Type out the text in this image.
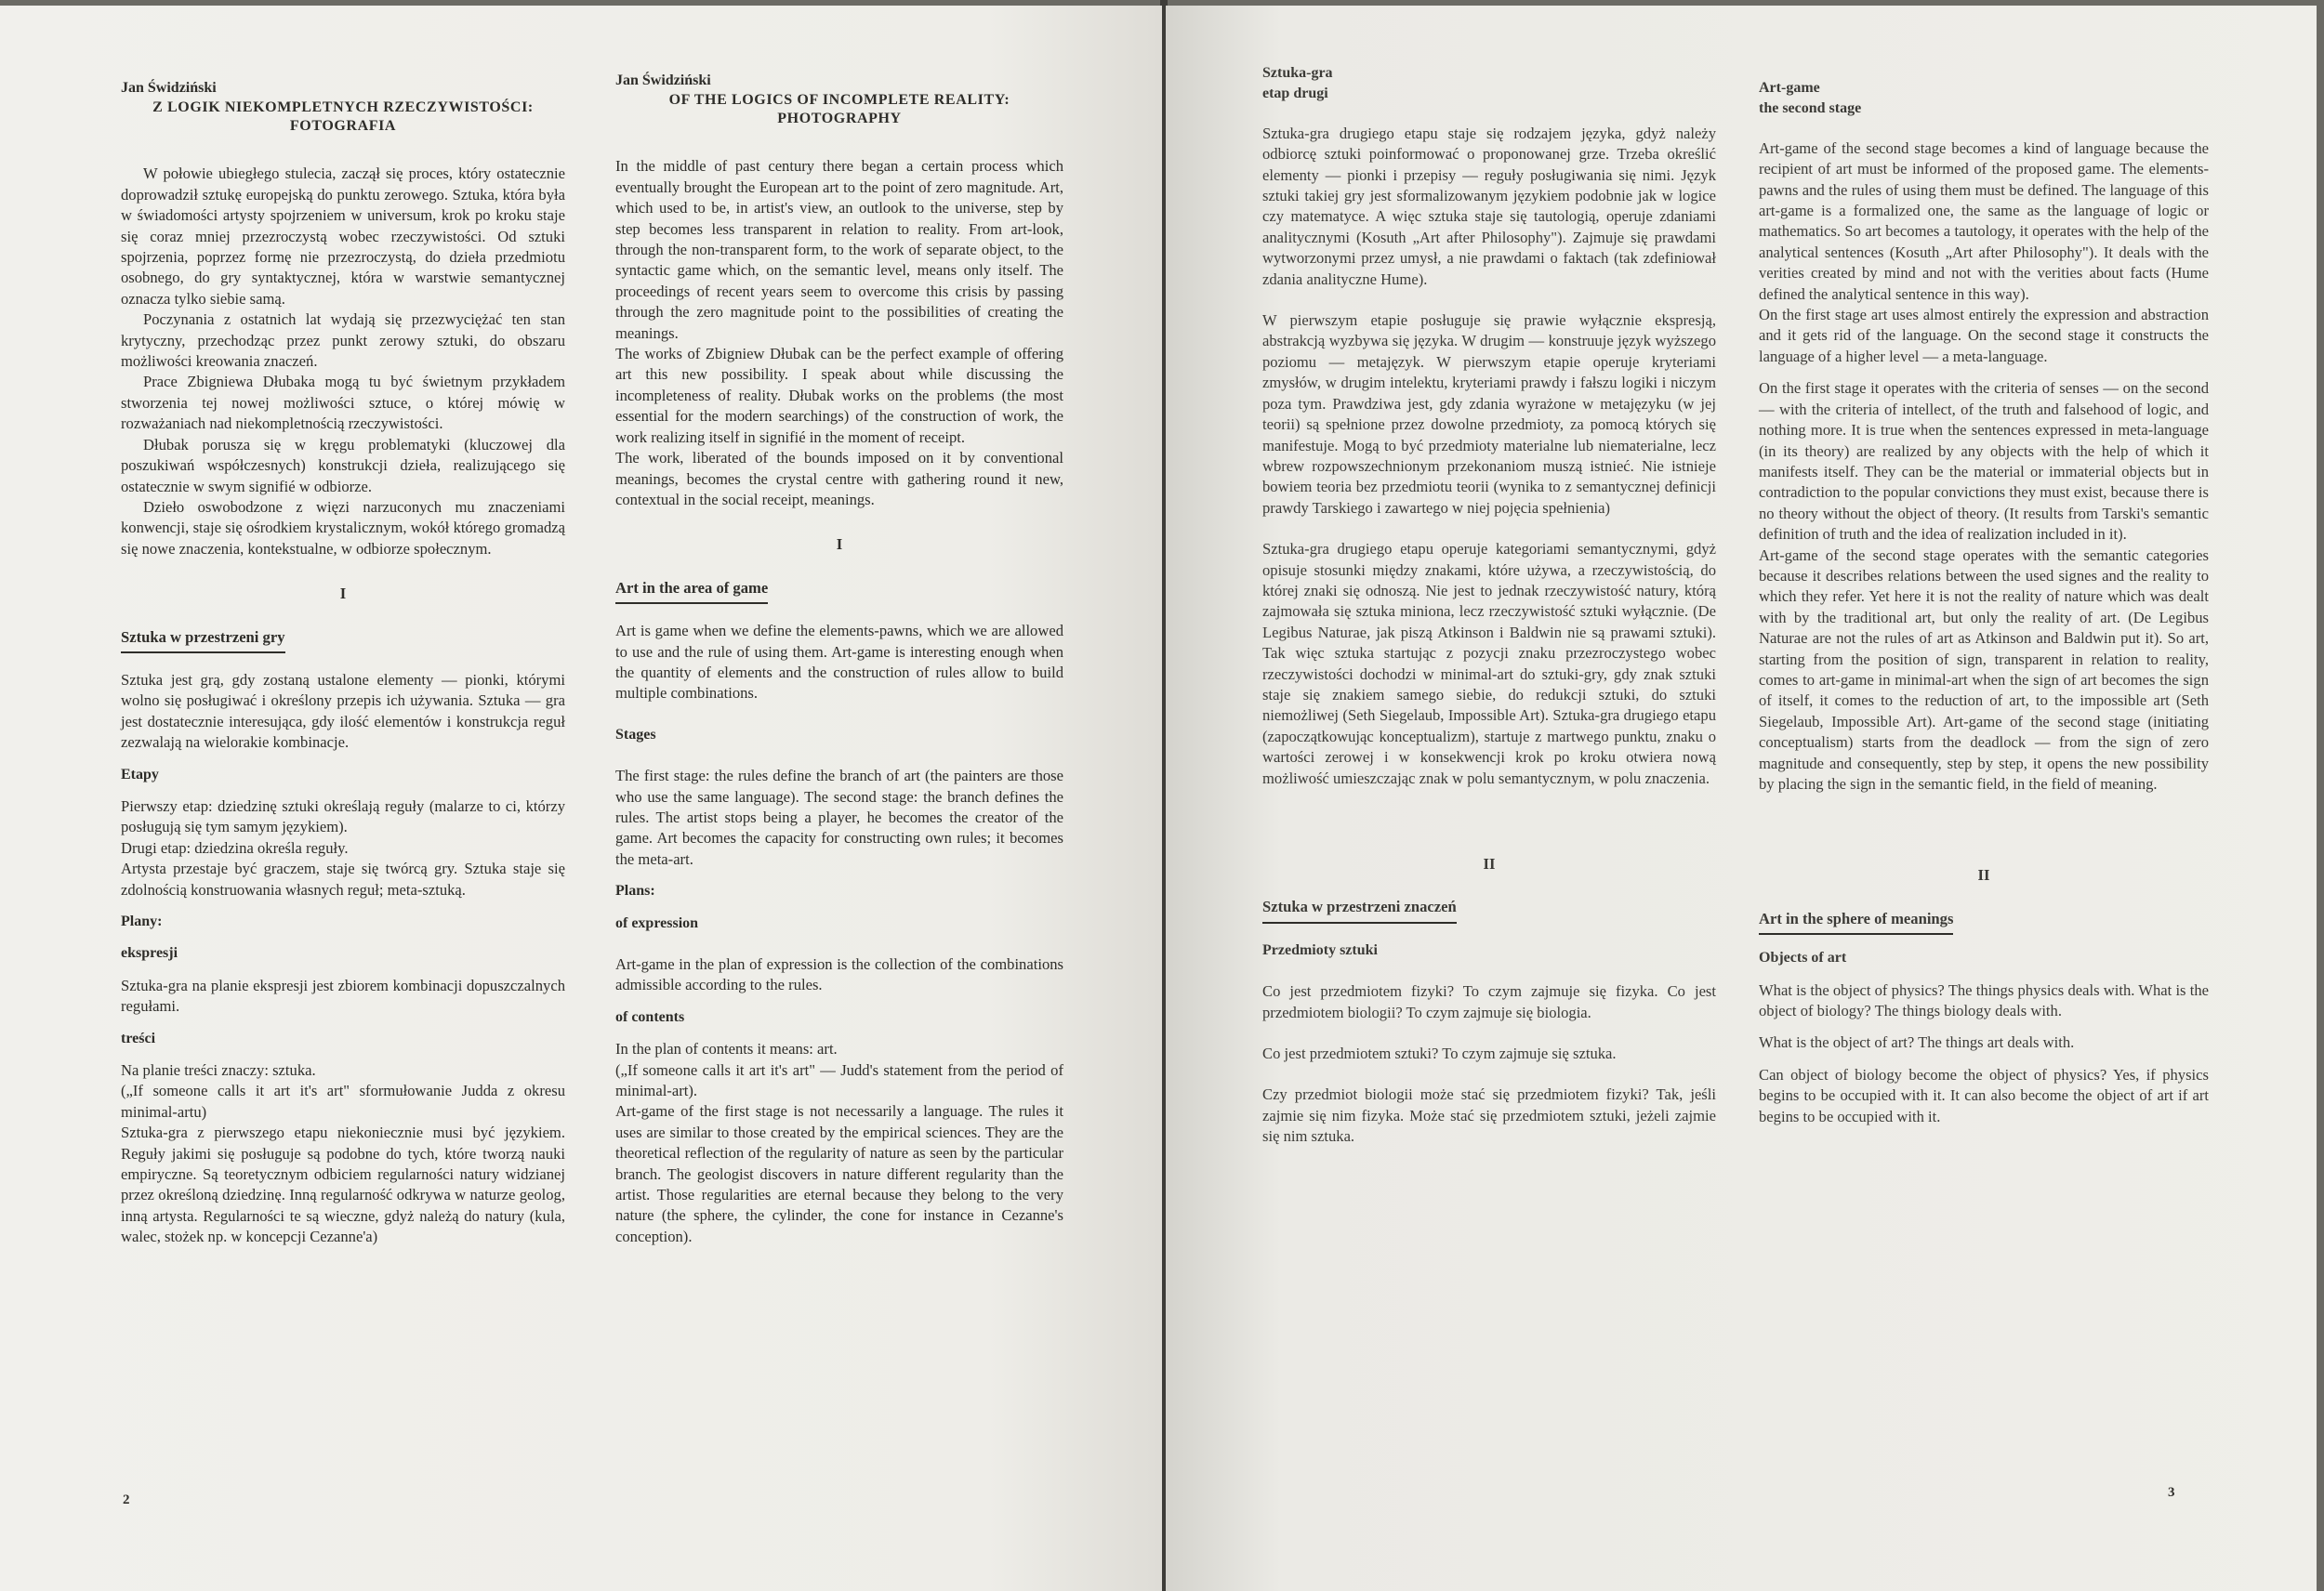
Jan Świdziński

Z LOGIK NIEKOMPLETNYCH RZECZYWISTOŚCI:
FOTOGRAFIA

W połowie ubiegłego stulecia, zaczął się proces, który ostatecznie doprowadził sztukę europejską do punktu zerowego. Sztuka, która była w świadomości artysty spojrzeniem w universum, krok po kroku staje się coraz mniej przezroczystą wobec rzeczywistości. Od sztuki spojrzenia, poprzez formę nie przezroczystą, do dzieła przedmiotu osobnego, do gry syntaktycznej, która w warstwie semantycznej oznacza tylko siebie samą.

Poczynania z ostatnich lat wydają się przezwyciężać ten stan krytyczny, przechodząc przez punkt zerowy sztuki, do obszaru możliwości kreowania znaczeń.

Prace Zbigniewa Dłubaka mogą tu być świetnym przykładem stworzenia tej nowej możliwości sztuce, o której mówię w rozważaniach nad niekompletnością rzeczywistości.

Dłubak porusza się w kręgu problematyki (kluczowej dla poszukiwań współczesnych) konstrukcji dzieła, realizującego się ostatecznie w swym signifié w odbiorze.

Dzieło oswobodzone z więzi narzuconych mu znaczeniami konwencji, staje się ośrodkiem krystalicznym, wokół którego gromadzą się nowe znaczenia, kontekstualne, w odbiorze społecznym.

I
Sztuka w przestrzeni gry

Sztuka jest grą, gdy zostaną ustalone elementy — pionki, którymi wolno się posługiwać i określony przepis ich używania. Sztuka — gra jest dostatecznie interesująca, gdy ilość elementów i konstrukcja reguł zezwalają na wielorakie kombinacje.

Etapy

Pierwszy etap: dziedzinę sztuki określają reguły (malarze to ci, którzy posługują się tym samym językiem).

Drugi etap: dziedzina określa reguły.

Artysta przestaje być graczem, staje się twórcą gry. Sztuka staje się zdolnością konstruowania własnych reguł; meta-sztuką.

Plany:

ekspresji

Sztuka-gra na planie ekspresji jest zbiorem kombinacji dopuszczalnych regułami.

treści

Na planie treści znaczy: sztuka.

(„If someone calls it art it's art" sformułowanie Judda z okresu minimal-artu)

Sztuka-gra z pierwszego etapu niekoniecznie musi być językiem. Reguły jakimi się posługuje są podobne do tych, które tworzą nauki empiryczne. Są teoretycznym odbiciem regularności natury widzianej przez określoną dziedzinę. Inną regularność odkrywa w naturze geolog, inną artysta. Regularności te są wieczne, gdyż należą do natury (kula, walec, stożek np. w koncepcji Cezanne'a)

Jan Świdziński

OF THE LOGICS OF INCOMPLETE REALITY:
PHOTOGRAPHY

In the middle of past century there began a certain process which eventually brought the European art to the point of zero magnitude. Art, which used to be, in artist's view, an outlook to the universe, step by step becomes less transparent in relation to reality. From art-look, through the non-transparent form, to the work of separate object, to the syntactic game which, on the semantic level, means only itself. The proceedings of recent years seem to overcome this crisis by passing through the zero magnitude point to the possibilities of creating the meanings.

The works of Zbigniew Dłubak can be the perfect example of offering art this new possibility. I speak about while discussing the incompleteness of reality. Dłubak works on the problems (the most essential for the modern searchings) of the construction of work, the work realizing itself in signifié in the moment of receipt.

The work, liberated of the bounds imposed on it by conventional meanings, becomes the crystal centre with gathering round it new, contextual in the social receipt, meanings.

I
Art in the area of game

Art is game when we define the elements-pawns, which we are allowed to use and the rule of using them. Art-game is interesting enough when the quantity of elements and the construction of rules allow to build multiple combinations.

Stages

The first stage: the rules define the branch of art (the painters are those who use the same language). The second stage: the branch defines the rules. The artist stops being a player, he becomes the creator of the game. Art becomes the capacity for constructing own rules; it becomes the meta-art.

Plans:

of expression

Art-game in the plan of expression is the collection of the combinations admissible according to the rules.

of contents

In the plan of contents it means: art.

(„If someone calls it art it's art" — Judd's statement from the period of minimal-art).

Art-game of the first stage is not necessarily a language. The rules it uses are similar to those created by the empirical sciences. They are the theoretical reflection of the regularity of nature as seen by the particular branch. The geologist discovers in nature different regularity than the artist. Those regularities are eternal because they belong to the very nature (the sphere, the cylinder, the cone for instance in Cezanne's conception).

2

Sztuka-gra

etap drugi

Sztuka-gra drugiego etapu staje się rodzajem języka, gdyż należy odbiorcę sztuki poinformować o proponowanej grze. Trzeba określić elementy — pionki i przepisy — reguły posługiwania się nimi. Język sztuki takiej gry jest sformalizowanym językiem podobnie jak w logice czy matematyce. A więc sztuka staje się tautologią, operuje zdaniami analitycznymi (Kosuth „Art after Philosophy"). Zajmuje się prawdami wytworzonymi przez umysł, a nie prawdami o faktach (tak zdefiniował zdania analityczne Hume).

W pierwszym etapie posługuje się prawie wyłącznie ekspresją, abstrakcją wyzbywa się języka. W drugim — konstruuje język wyższego poziomu — metajęzyk. W pierwszym etapie operuje kryteriami zmysłów, w drugim intelektu, kryteriami prawdy i fałszu logiki i niczym poza tym. Prawdziwa jest, gdy zdania wyrażone w metajęzyku (w jej teorii) są spełnione przez dowolne przedmioty, za pomocą których się manifestuje. Mogą to być przedmioty materialne lub niematerialne, lecz wbrew rozpowszechnionym przekonaniom muszą istnieć. Nie istnieje bowiem teoria bez przedmiotu teorii (wynika to z semantycznej definicji prawdy Tarskiego i zawartego w niej pojęcia spełnienia)

Sztuka-gra drugiego etapu operuje kategoriami semantycznymi, gdyż opisuje stosunki między znakami, które używa, a rzeczywistością, do której znaki się odnoszą. Nie jest to jednak rzeczywistość natury, którą zajmowała się sztuka miniona, lecz rzeczywistość sztuki wyłącznie. (De Legibus Naturae, jak piszą Atkinson i Baldwin nie są prawami sztuki). Tak więc sztuka startując z pozycji znaku przezroczystego wobec rzeczywistości dochodzi w minimal-art do sztuki-gry, gdy znak sztuki staje się znakiem samego siebie, do redukcji sztuki, do sztuki niemożliwej (Seth Siegelaub, Impossible Art). Sztuka-gra drugiego etapu (zapoczątkowując konceptualizm), startuje z martwego punktu, znaku o wartości zerowej i w konsekwencji krok po kroku otwiera nową możliwość umieszczając znak w polu semantycznym, w polu znaczenia.

II
Sztuka w przestrzeni znaczeń

Przedmioty sztuki

Co jest przedmiotem fizyki? To czym zajmuje się fizyka. Co jest przedmiotem biologii? To czym zajmuje się biologia.

Co jest przedmiotem sztuki? To czym zajmuje się sztuka.

Czy przedmiot biologii może stać się przedmiotem fizyki? Tak, jeśli zajmie się nim fizyka. Może stać się przedmiotem sztuki, jeżeli zajmie się nim sztuka.

Art-game

the second stage

Art-game of the second stage becomes a kind of language because the recipient of art must be informed of the proposed game. The elements-pawns and the rules of using them must be defined. The language of this art-game is a formalized one, the same as the language of logic or mathematics. So art becomes a tautology, it operates with the help of the analytical sentences (Kosuth „Art after Philosophy"). It deals with the verities created by mind and not with the verities about facts (Hume defined the analytical sentence in this way).

On the first stage art uses almost entirely the expression and abstraction and it gets rid of the language. On the second stage it constructs the language of a higher level — a meta-language.

On the first stage it operates with the criteria of senses — on the second — with the criteria of intellect, of the truth and falsehood of logic, and nothing more. It is true when the sentences expressed in meta-language (in its theory) are realized by any objects with the help of which it manifests itself. They can be the material or immaterial objects but in contradiction to the popular convictions they must exist, because there is no theory without the object of theory. (It results from Tarski's semantic definition of truth and the idea of realization included in it).

Art-game of the second stage operates with the semantic categories because it describes relations between the used signes and the reality to which they refer. Yet here it is not the reality of nature which was dealt with by the traditional art, but only the reality of art. (De Legibus Naturae are not the rules of art as Atkinson and Baldwin put it). So art, starting from the position of sign, transparent in relation to reality, comes to art-game in minimal-art when the sign of art becomes the sign of itself, it comes to the reduction of art, to the impossible art (Seth Siegelaub, Impossible Art). Art-game of the second stage (initiating conceptualism) starts from the deadlock — from the sign of zero magnitude and consequently, step by step, it opens the new possibility by placing the sign in the semantic field, in the field of meaning.

II
Art in the sphere of meanings

Objects of art

What is the object of physics? The things physics deals with. What is the object of biology? The things biology deals with.

What is the object of art? The things art deals with.

Can object of biology become the object of physics? Yes, if physics begins to be occupied with it. It can also become the object of art if art begins to be occupied with it.

3
